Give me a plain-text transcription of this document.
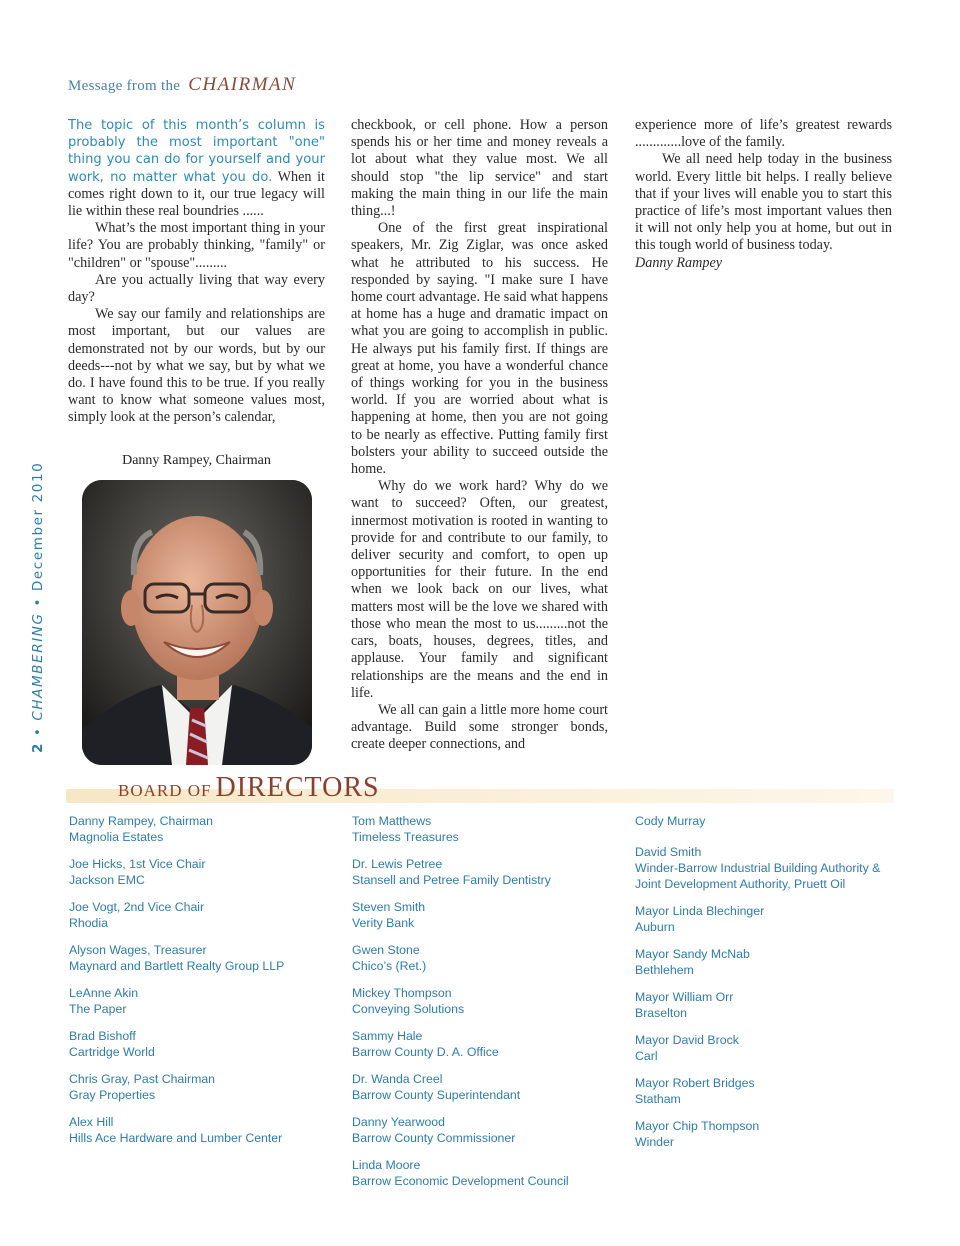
Message from the CHAIRMAN
2 • CHAMBERING • December 2010

The topic of this month’s column is probably the most important "one" thing you can do for yourself and your work, no matter what you do. When it comes right down to it, our true legacy will lie within these real boundries ......

What’s the most important thing in your life? You are probably thinking, "family" or "children" or "spouse".........

Are you actually living that way every day?

We say our family and relationships are most important, but our values are demonstrated not by our words, but by our deeds---not by what we say, but by what we do. I have found this to be true. If you really want to know what someone values most, simply look at the person’s calendar,

Danny Rampey, Chairman

checkbook, or cell phone. How a person spends his or her time and money reveals a lot about what they value most. We all should stop "the lip service" and start making the main thing in our life the main thing...!

One of the first great inspirational speakers, Mr. Zig Ziglar, was once asked what he attributed to his success. He responded by saying. "I make sure I have home court advantage. He said what happens at home has a huge and dramatic impact on what you are going to accomplish in public. He always put his family first. If things are great at home, you have a wonderful chance of things working for you in the business world. If you are worried about what is happening at home, then you are not going to be nearly as effective. Putting family first bolsters your ability to succeed outside the home.

Why do we work hard? Why do we want to succeed? Often, our greatest, innermost motivation is rooted in wanting to provide for and contribute to our family, to deliver security and comfort, to open up opportunities for their future. In the end when we look back on our lives, what matters most will be the love we shared with those who mean the most to us.........not the cars, boats, houses, degrees, titles, and applause. Your family and significant relationships are the means and the end in life.

We all can gain a little more home court advantage. Build some stronger bonds, create deeper connections, and

experience more of life’s greatest rewards .............love of the family.

We all need help today in the business world. Every little bit helps. I really believe that if your lives will enable you to start this practice of life’s most important values then it will not only help you at home, but out in this tough world of business today.

Danny Rampey

BOARD OF DIRECTORS
Danny Rampey, Chairman
Magnolia Estates
Joe Hicks, 1st Vice Chair
Jackson EMC
Joe Vogt, 2nd Vice Chair
Rhodia
Alyson Wages, Treasurer
Maynard and Bartlett Realty Group LLP
LeAnne Akin
The Paper
Brad Bishoff
Cartridge World
Chris Gray, Past Chairman
Gray Properties
Alex Hill
Hills Ace Hardware and Lumber Center
Tom Matthews
Timeless Treasures
Dr. Lewis Petree
Stansell and Petree Family Dentistry
Steven Smith
Verity Bank
Gwen Stone
Chico’s (Ret.)
Mickey Thompson
Conveying Solutions
Sammy Hale
Barrow County D. A. Office
Dr. Wanda Creel
Barrow County Superintendant
Danny Yearwood
Barrow County Commissioner
Linda Moore
Barrow Economic Development Council
Cody Murray
David Smith
Winder-Barrow Industrial Building Authority &
Joint Development Authority, Pruett Oil
Mayor Linda Blechinger
Auburn
Mayor Sandy McNab
Bethlehem
Mayor William Orr
Braselton
Mayor David Brock
Carl
Mayor Robert Bridges
Statham
Mayor Chip Thompson
Winder
